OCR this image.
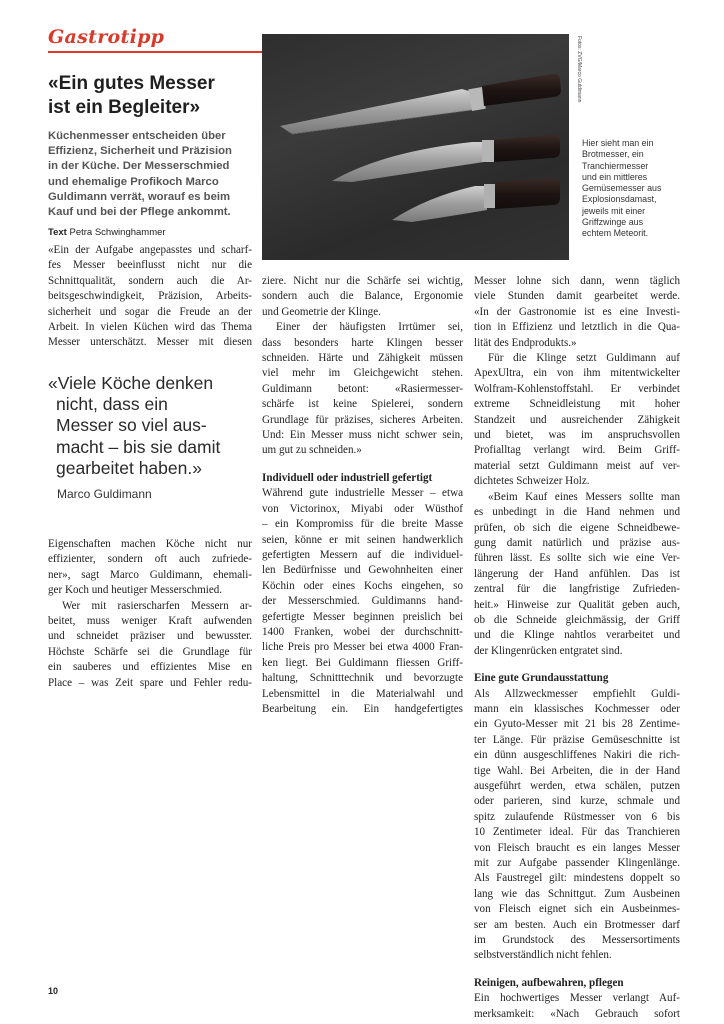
Gastrotipp
«Ein gutes Messer
ist ein Begleiter»
Küchenmesser entscheiden über
Effizienz, Sicherheit und Präzision
in der Küche. Der Messerschmied
und ehemalige Profikoch Marco
Guldimann verrät, worauf es beim
Kauf und bei der Pflege ankommt.
Text Petra Schwinghammer
Fotos: ZVG/Marco Guldimann
Hier sieht man ein
Brotmesser, ein
Tranchiermesser
und ein mittleres
Gemüsemesser aus
Explosionsdamast,
jeweils mit einer
Griffzwinge aus
echtem Meteorit.
«Ein der Aufgabe angepasstes und scharf-
fes Messer beeinflusst nicht nur die
Schnittqualität, sondern auch die Ar-
beitsgeschwindigkeit, Präzision, Arbeits-
sicherheit und sogar die Freude an der
Arbeit. In vielen Küchen wird das Thema
Messer unterschätzt. Messer mit diesen
«Viele Köche denken
nicht, dass ein
Messer so viel aus-
macht – bis sie damit
gearbeitet haben.»
Marco Guldimann
Eigenschaften machen Köche nicht nur
effizienter, sondern oft auch zufriede-
ner», sagt Marco Guldimann, ehemali-
ger Koch und heutiger Messerschmied.
Wer mit rasierscharfen Messern ar-
beitet, muss weniger Kraft aufwenden
und schneidet präziser und bewusster.
Höchste Schärfe sei die Grundlage für
ein sauberes und effizientes Mise en
Place – was Zeit spare und Fehler redu-
ziere. Nicht nur die Schärfe sei wichtig,
sondern auch die Balance, Ergonomie
und Geometrie der Klinge.
Einer der häufigsten Irrtümer sei,
dass besonders harte Klingen besser
schneiden. Härte und Zähigkeit müssen
viel mehr im Gleichgewicht stehen.
Guldimann betont: «Rasiermesser-
schärfe ist keine Spielerei, sondern
Grundlage für präzises, sicheres Arbeiten.
Und: Ein Messer muss nicht schwer sein,
um gut zu schneiden.»
Individuell oder industriell gefertigt
Während gute industrielle Messer – etwa
von Victorinox, Miyabi oder Wüsthof
– ein Kompromiss für die breite Masse
seien, könne er mit seinen handwerklich
gefertigten Messern auf die individuel-
len Bedürfnisse und Gewohnheiten einer
Köchin oder eines Kochs eingehen, so
der Messerschmied. Guldimanns hand-
gefertigte Messer beginnen preislich bei
1400 Franken, wobei der durchschnitt-
liche Preis pro Messer bei etwa 4000 Fran-
ken liegt. Bei Guldimann fliessen Griff-
haltung, Schnitttechnik und bevorzugte
Lebensmittel in die Materialwahl und
Bearbeitung ein. Ein handgefertigtes
Messer lohne sich dann, wenn täglich
viele Stunden damit gearbeitet werde.
«In der Gastronomie ist es eine Investi-
tion in Effizienz und letztlich in die Qua-
lität des Endprodukts.»
Für die Klinge setzt Guldimann auf
ApexUltra, ein von ihm mitentwickelter
Wolfram-Kohlenstoffstahl. Er verbindet
extreme Schneidleistung mit hoher
Standzeit und ausreichender Zähigkeit
und bietet, was im anspruchsvollen
Profialltag verlangt wird. Beim Griff-
material setzt Guldimann meist auf ver-
dichtetes Schweizer Holz.
«Beim Kauf eines Messers sollte man
es unbedingt in die Hand nehmen und
prüfen, ob sich die eigene Schneidbewe-
gung damit natürlich und präzise aus-
führen lässt. Es sollte sich wie eine Ver-
längerung der Hand anfühlen. Das ist
zentral für die langfristige Zufrieden-
heit.» Hinweise zur Qualität geben auch,
ob die Schneide gleichmässig, der Griff
und die Klinge nahtlos verarbeitet und
der Klingenrücken entgratet sind.
Eine gute Grundausstattung
Als Allzweckmesser empfiehlt Guldi-
mann ein klassisches Kochmesser oder
ein Gyuto-Messer mit 21 bis 28 Zentime-
ter Länge. Für präzise Gemüseschnitte ist
ein dünn ausgeschliffenes Nakiri die rich-
tige Wahl. Bei Arbeiten, die in der Hand
ausgeführt werden, etwa schälen, putzen
oder parieren, sind kurze, schmale und
spitz zulaufende Rüstmesser von 6 bis
10 Zentimeter ideal. Für das Tranchieren
von Fleisch braucht es ein langes Messer
mit zur Aufgabe passender Klingenlänge.
Als Faustregel gilt: mindestens doppelt so
lang wie das Schnittgut. Zum Ausbeinen
von Fleisch eignet sich ein Ausbeinmes-
ser am besten. Auch ein Brotmesser darf
im Grundstock des Messersortiments
selbstverständlich nicht fehlen.
Reinigen, aufbewahren, pflegen
Ein hochwertiges Messer verlangt Auf-
merksamkeit: «Nach Gebrauch sofort
10
